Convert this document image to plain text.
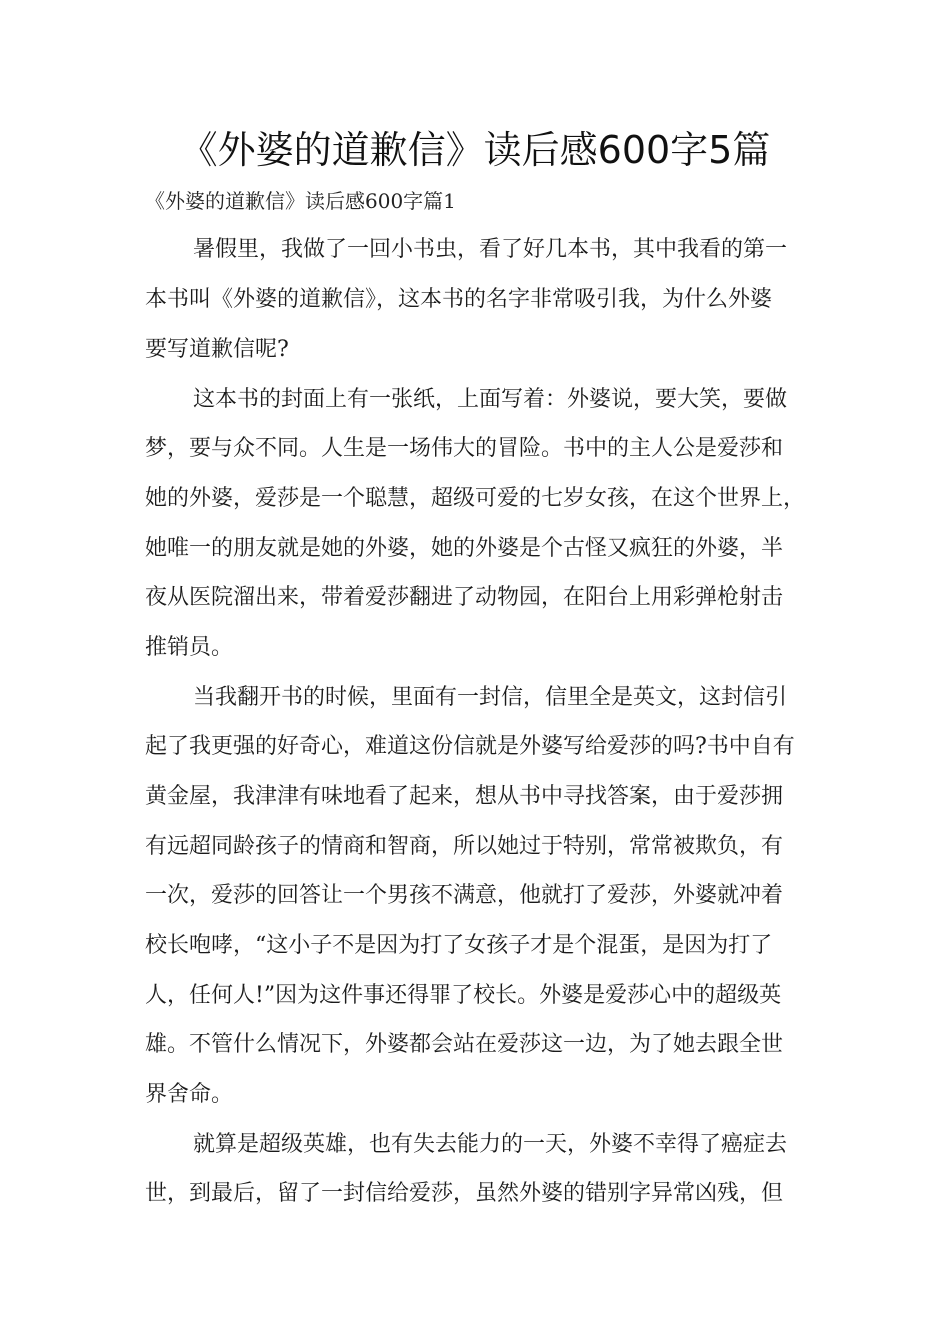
《外婆的道歉信》读后感600字5篇
《外婆的道歉信》读后感600字篇1
暑假里，我做了一回小书虫，看了好几本书，其中我看的第一
本书叫《外婆的道歉信》，这本书的名字非常吸引我，为什么外婆
要写道歉信呢?
这本书的封面上有一张纸，上面写着：外婆说，要大笑，要做
梦，要与众不同。人生是一场伟大的冒险。书中的主人公是爱莎和
她的外婆，爱莎是一个聪慧，超级可爱的七岁女孩，在这个世界上，
她唯一的朋友就是她的外婆，她的外婆是个古怪又疯狂的外婆，半
夜从医院溜出来，带着爱莎翻进了动物园，在阳台上用彩弹枪射击
推销员。
当我翻开书的时候，里面有一封信，信里全是英文，这封信引
起了我更强的好奇心，难道这份信就是外婆写给爱莎的吗?书中自有
黄金屋，我津津有味地看了起来，想从书中寻找答案，由于爱莎拥
有远超同龄孩子的情商和智商，所以她过于特别，常常被欺负，有
一次，爱莎的回答让一个男孩不满意，他就打了爱莎，外婆就冲着
校长咆哮，“这小子不是因为打了女孩子才是个混蛋，是因为打了
人，任何人!”因为这件事还得罪了校长。外婆是爱莎心中的超级英
雄。不管什么情况下，外婆都会站在爱莎这一边，为了她去跟全世
界舍命。
就算是超级英雄，也有失去能力的一天，外婆不幸得了癌症去
世，到最后，留了一封信给爱莎，虽然外婆的错别字异常凶残，但
